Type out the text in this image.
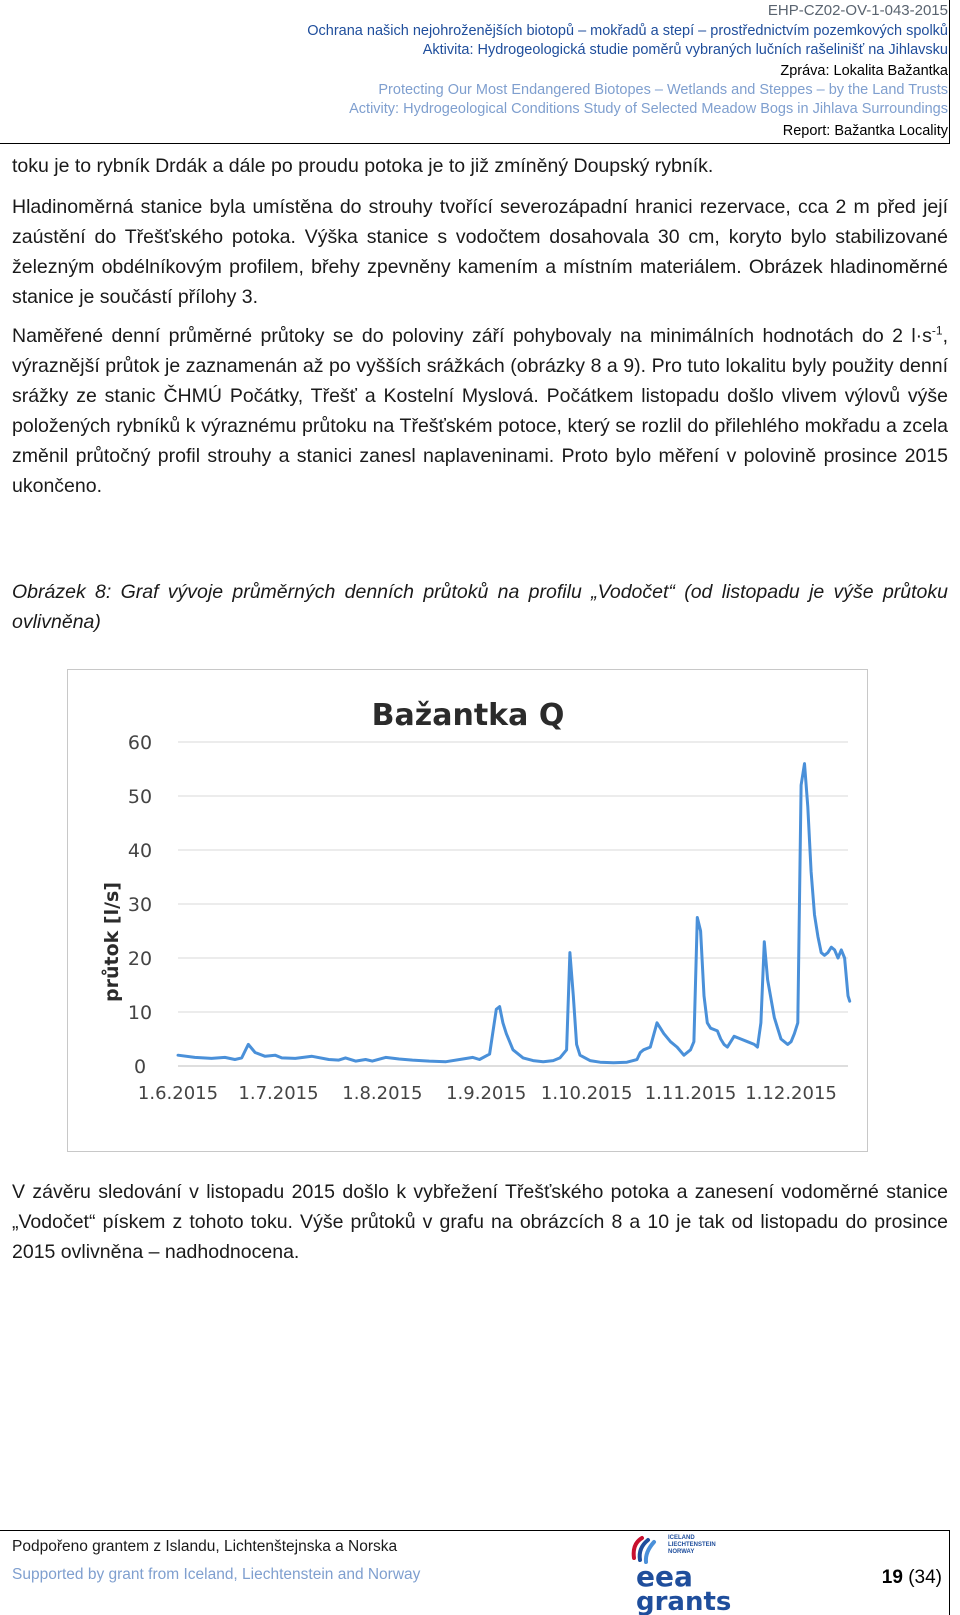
EHP-CZ02-OV-1-043-2015
Ochrana našich nejohroženějších biotopů – mokřadů a stepí – prostřednictvím pozemkových spolků
Aktivita: Hydrogeologická studie poměrů vybraných lučních rašelinišť na Jihlavsku
Zpráva: Lokalita Bažantka
Protecting Our Most Endangered Biotopes – Wetlands and Steppes – by the Land Trusts
Activity: Hydrogeological Conditions Study of Selected Meadow Bogs in Jihlava Surroundings
Report: Bažantka Locality

toku je to rybník Drdák a dále po proudu potoka je to již zmíněný Doupský rybník.

Hladinoměrná stanice byla umístěna do strouhy tvořící severozápadní hranici rezervace, cca 2 m před její zaústění do Třešťského potoka. Výška stanice s vodočtem dosahovala 30 cm, koryto bylo stabilizované železným obdélníkovým profilem, břehy zpevněny kamením a místním materiálem. Obrázek hladinoměrné stanice je součástí přílohy 3.

Naměřené denní průměrné průtoky se do poloviny září pohybovaly na minimálních hodnotách do 2 $l\cdot s^{-1}$, výraznější průtok je zaznamenán až po vyšších srážkách (obrázky 8 a 9). Pro tuto lokalitu byly použity denní srážky ze stanic ČHMÚ Počátky, Třešť a Kostelní Myslová. Počátkem listopadu došlo vlivem výlovů výše položených rybníků k výraznému průtoku na Třešťském potoce, který se rozlil do přilehlého mokřadu a zcela změnil průtočný profil strouhy a stanici zanesl naplaveninami. Proto bylo měření v polovině prosince 2015 ukončeno.

Obrázek 8: Graf vývoje průměrných denních průtoků na profilu „Vodočet“ (od listopadu je výše průtoku ovlivněna)

Bažantka Q
průtok [l/s]
0
10
20
30
40
50
60
1.6.2015 1.7.2015 1.8.2015 1.9.2015 1.10.2015 1.11.2015 1.12.2015

V závěru sledování v listopadu 2015 došlo k vybřežení Třešťského potoka a zanesení vodoměrné stanice „Vodočet“ pískem z tohoto toku. Výše průtoků v grafu na obrázcích 8 a 10 je tak od listopadu do prosince 2015 ovlivněna – nadhodnocena.

Podpořeno grantem z Islandu, Lichtenštejnska a Norska
Supported by grant from Iceland, Liechtenstein and Norway
ICELAND
LIECHTENSTEIN
NORWAY
eea
grants
19 (34)
